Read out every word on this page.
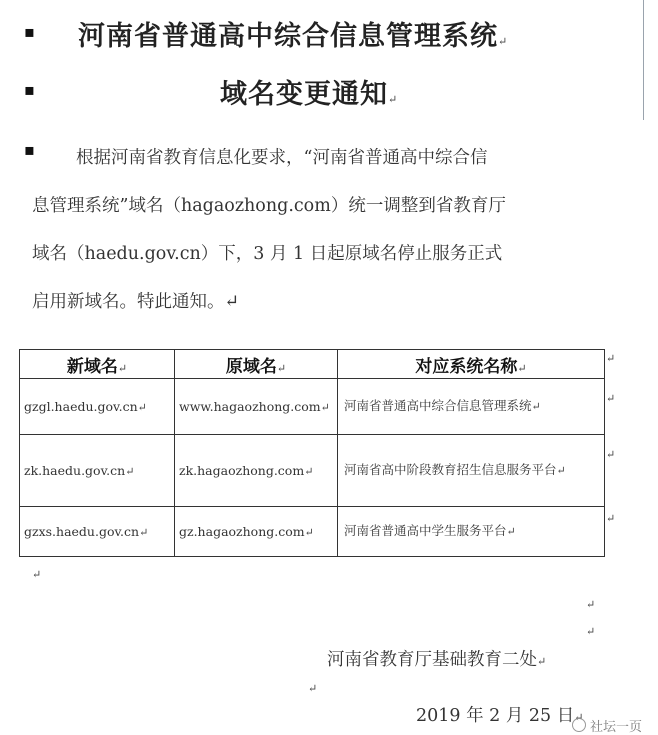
▪
▪
▪
河南省普通高中综合信息管理系统↵
域名变更通知↵
根据河南省教育信息化要求，“河南省普通高中综合信
息管理系统”域名（hagaozhong.com）统一调整到省教育厅
域名（haedu.gov.cn）下，3 月 1 日起原域名停止服务正式
启用新域名。特此通知。↵
新域名↵	原域名↵	对应系统名称↵
gzgl.haedu.gov.cn↵	www.hagaozhong.com↵	河南省普通高中综合信息管理系统↵
zk.haedu.gov.cn↵	zk.hagaozhong.com↵	河南省高中阶段教育招生信息服务平台↵
gzxs.haedu.gov.cn↵	gz.hagaozhong.com↵	河南省普通高中学生服务平台↵
↵
↵
↵
↵
↵
↵
↵
河南省教育厅基础教育二处↵
↵
2019 年 2 月 25 日↵
社坛一页
